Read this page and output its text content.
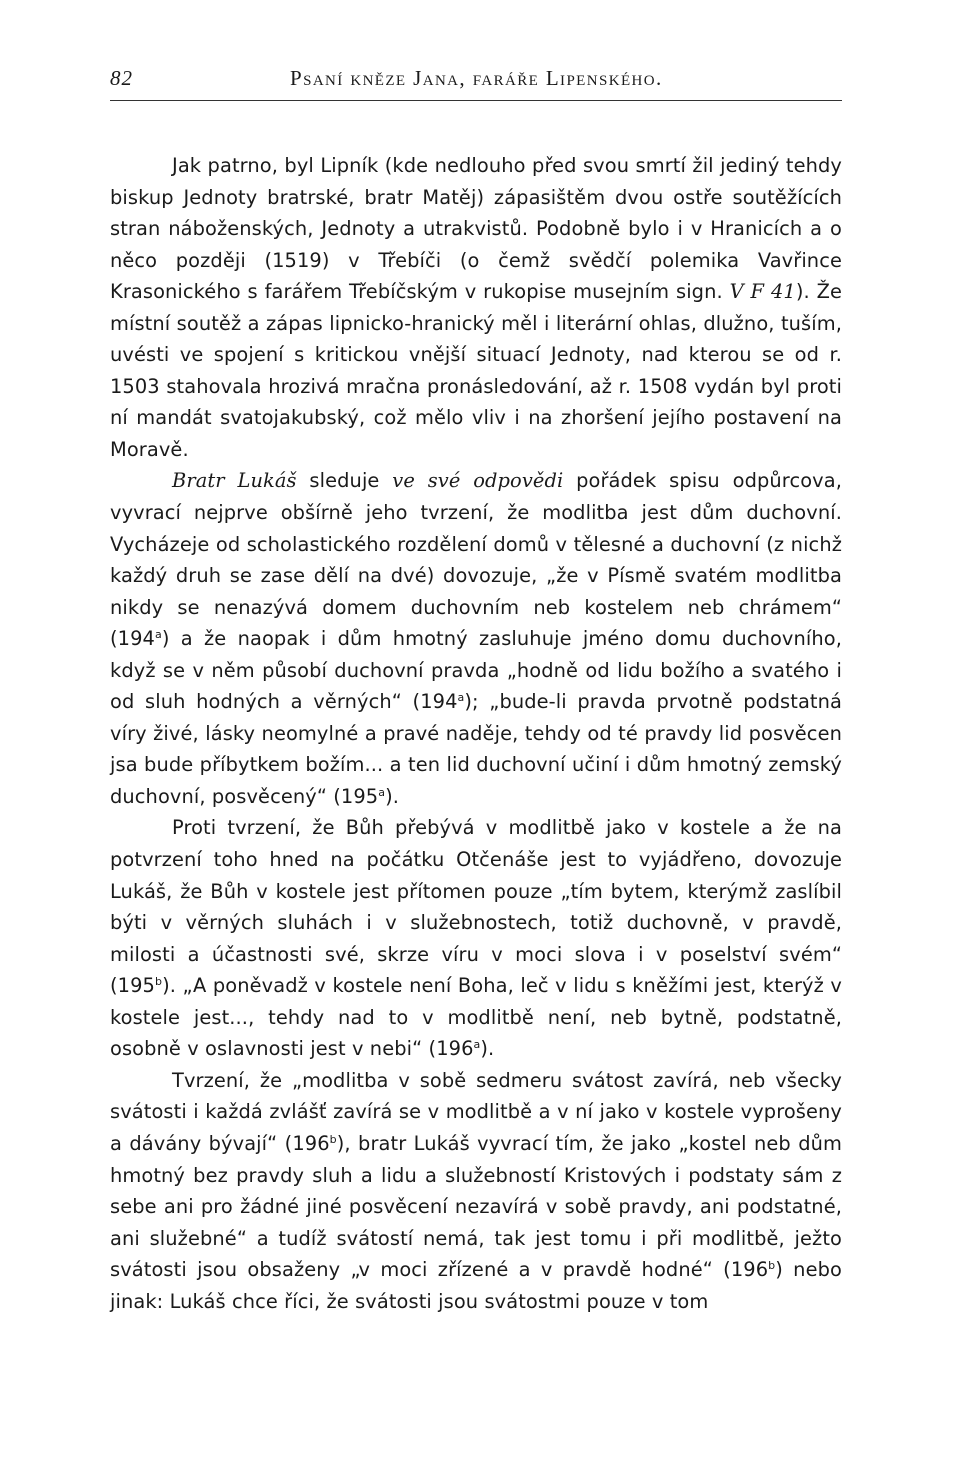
82	Psaní kněze Jana, faráře Lipenského.

Jak patrno, byl Lipník (kde nedlouho před svou smrtí žil jediný tehdy biskup Jednoty bratrské, bratr Matěj) zápasištěm dvou ostře soutěžících stran náboženských, Jednoty a utrakvistů. Podobně bylo i v Hranicích a o něco později (1519) v Třebíči (o čemž svědčí polemika Vavřince Krasonického s farářem Třebíčským v rukopise musejním sign. V F 41). Že místní soutěž a zápas lipnicko-hranický měl i literární ohlas, dlužno, tuším, uvésti ve spojení s kritickou vnější situací Jednoty, nad kterou se od r. 1503 stahovala hrozivá mračna pronásledování, až r. 1508 vydán byl proti ní mandát svatojakubský, což mělo vliv i na zhoršení jejího postavení na Moravě.

Bratr Lukáš sleduje ve své odpovědi pořádek spisu odpůrcova, vyvrací nejprve obšírně jeho tvrzení, že modlitba jest dům duchovní. Vycházeje od scholastického rozdělení domů v tělesné a duchovní (z nichž každý druh se zase dělí na dvé) dovozuje, „že v Písmě svatém modlitba nikdy se nenazývá domem duchovním neb kostelem neb chrámem“ (194$^a$) a že naopak i dům hmotný zasluhuje jméno domu duchovního, když se v něm působí duchovní pravda „hodně od lidu božího a svatého i od sluh hodných a věrných“ (194$^a$); „bude-li pravda prvotně podstatná víry živé, lásky neomylné a pravé naděje, tehdy od té pravdy lid posvěcen jsa bude příbytkem božím... a ten lid duchovní učiní i dům hmotný zemský duchovní, posvěcený“ (195$^a$).

Proti tvrzení, že Bůh přebývá v modlitbě jako v kostele a že na potvrzení toho hned na počátku Otčenáše jest to vyjádřeno, dovozuje Lukáš, že Bůh v kostele jest přítomen pouze „tím bytem, kterýmž zaslíbil býti v věrných sluhách i v služebnostech, totiž duchovně, v pravdě, milosti a účastnosti své, skrze víru v moci slova i v poselství svém“ (195$^b$). „A poněvadž v kostele není Boha, leč v lidu s kněžími jest, kterýž v kostele jest..., tehdy nad to v modlitbě není, neb bytně, podstatně, osobně v oslavnosti jest v nebi“ (196$^a$).

Tvrzení, že „modlitba v sobě sedmeru svátost zavírá, neb všecky svátosti i každá zvlášť zavírá se v modlitbě a v ní jako v kostele vyprošeny a dávány bývají“ (196$^b$), bratr Lukáš vyvrací tím, že jako „kostel neb dům hmotný bez pravdy sluh a lidu a služebností Kristových i podstaty sám z sebe ani pro žádné jiné posvěcení nezavírá v sobě pravdy, ani podstatné, ani služebné“ a tudíž svátostí nemá, tak jest tomu i při modlitbě, ježto svátosti jsou obsaženy „v moci zřízené a v pravdě hodné“ (196$^b$) nebo jinak: Lukáš chce říci, že svátosti jsou svátostmi pouze v tom
